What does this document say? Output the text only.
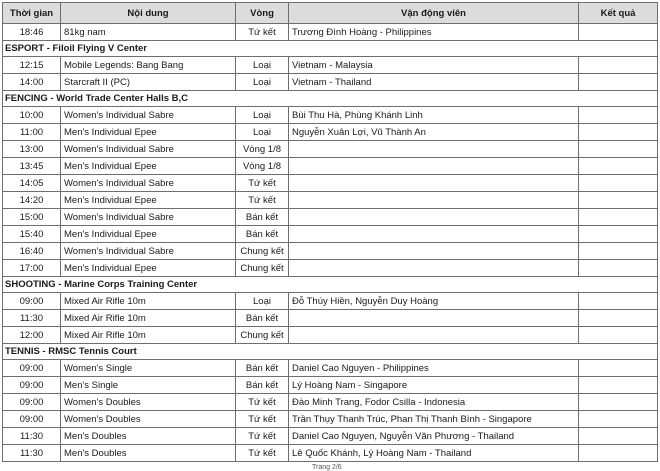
Thời gian	Nội dung	Vòng	Vận động viên	Kết quả
18:46	81kg nam	Tứ kết	Trương Đình Hoàng - Philippines	
ESPORT - Filoil Flying V Center				
12:15	Mobile Legends: Bang Bang	Loại	Vietnam - Malaysia	
14:00	Starcraft II (PC)	Loại	Vietnam - Thailand	
FENCING - World Trade Center Halls B,C				
10:00	Women's Individual Sabre	Loại	Bùi Thu Hà, Phùng Khánh Linh	
11:00	Men's Individual Epee	Loại	Nguyễn Xuân Lợi, Vũ Thành An	
13:00	Women's Individual Sabre	Vòng 1/8		
13:45	Men's Individual Epee	Vòng 1/8		
14:05	Women's Individual Sabre	Tứ kết		
14:20	Men's Individual Epee	Tứ kết		
15:00	Women's Individual Sabre	Bán kết		
15:40	Men's Individual Epee	Bán kết		
16:40	Women's Individual Sabre	Chung kết		
17:00	Men's Individual Epee	Chung kết		
SHOOTING - Marine Corps Training Center				
09:00	Mixed Air Rifle 10m	Loại	Đỗ Thúy Hiền, Nguyễn Duy Hoàng	
11:30	Mixed Air Rifle 10m	Bán kết		
12:00	Mixed Air Rifle 10m	Chung kết		
TENNIS - RMSC Tennis Court				
09:00	Women's Single	Bán kết	Daniel Cao Nguyen - Philippines	
09:00	Men's Single	Bán kết	Lý Hoàng Nam - Singapore	
09:00	Women's Doubles	Tứ kết	Đào Minh Trang, Fodor Csilla - Indonesia	
09:00	Women's Doubles	Tứ kết	Trần Thụy Thanh Trúc, Phan Thị Thanh Bình - Singapore	
11:30	Men's Doubles	Tứ kết	Daniel Cao Nguyen, Nguyễn Văn Phương - Thailand	
11:30	Men's Doubles	Tứ kết	Lê Quốc Khánh, Lý Hoàng Nam - Thailand	
Trang 2/6
